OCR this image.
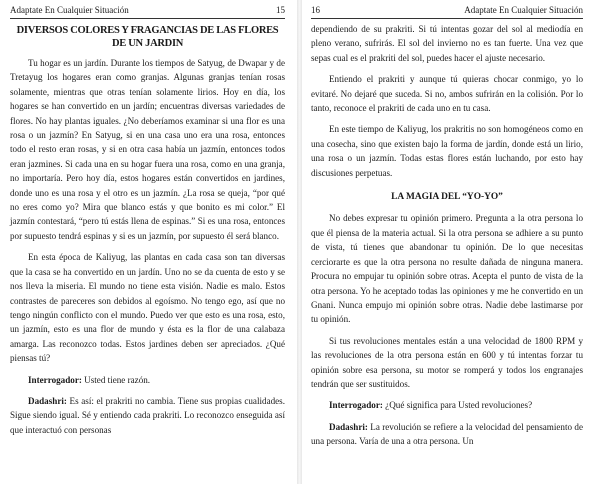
Adaptate En Cualquier Situación	15
DIVERSOS COLORES Y FRAGANCIAS DE LAS FLORES DE UN JARDIN

Tu hogar es un jardín. Durante los tiempos de Satyug, de Dwapar y de Tretayug los hogares eran como granjas. Algunas granjas tenían rosas solamente, mientras que otras tenían solamente lirios. Hoy en día, los hogares se han convertido en un jardín; encuentras diversas variedades de flores. No hay plantas iguales. ¿No deberíamos examinar si una flor es una rosa o un jazmín? En Satyug, si en una casa uno era una rosa, entonces todo el resto eran rosas, y si en otra casa había un jazmín, entonces todos eran jazmines. Si cada una en su hogar fuera una rosa, como en una granja, no importaría. Pero hoy día, estos hogares están convertidos en jardines, donde uno es una rosa y el otro es un jazmín. ¿La rosa se queja, “por qué no eres como yo? Mira que blanco estás y que bonito es mi color.” El jazmín contestará, “pero tú estás llena de espinas.” Si es una rosa, entonces por supuesto tendrá espinas y si es un jazmín, por supuesto él será blanco.

En esta época de Kaliyug, las plantas en cada casa son tan diversas que la casa se ha convertido en un jardín. Uno no se da cuenta de esto y se nos lleva la miseria. El mundo no tiene esta visión. Nadie es malo. Estos contrastes de pareceres son debidos al egoísmo. No tengo ego, así que no tengo ningún conflicto con el mundo. Puedo ver que esto es una rosa, esto, un jazmín, esto es una flor de mundo y ésta es la flor de una calabaza amarga. Las reconozco todas. Estos jardines deben ser apreciados. ¿Qué piensas tú?

Interrogador: Usted tiene razón.

Dadashri: Es así: el prakriti no cambia. Tiene sus propias cualidades. Sigue siendo igual. Sé y entiendo cada prakriti. Lo reconozco enseguida así que interactuó con personas

16	Adaptate En Cualquier Situación

dependiendo de su prakriti. Si tú intentas gozar del sol al mediodía en pleno verano, sufrirás. El sol del invierno no es tan fuerte. Una vez que sepas cual es el prakriti del sol, puedes hacer el ajuste necesario.

Entiendo el prakriti y aunque tú quieras chocar conmigo, yo lo evitaré. No dejaré que suceda. Si no, ambos sufrirán en la colisión. Por lo tanto, reconoce el prakriti de cada uno en tu casa.

En este tiempo de Kaliyug, los prakritis no son homogéneos como en una cosecha, sino que existen bajo la forma de jardín, donde está un lirio, una rosa o un jazmín. Todas estas flores están luchando, por esto hay discusiones perpetuas.

LA MAGIA DEL “YO-YO”

No debes expresar tu opinión primero. Pregunta a la otra persona lo que él piensa de la materia actual. Si la otra persona se adhiere a su punto de vista, tú tienes que abandonar tu opinión. De lo que necesitas cerciorarte es que la otra persona no resulte dañada de ninguna manera. Procura no empujar tu opinión sobre otras. Acepta el punto de vista de la otra persona. Yo he aceptado todas las opiniones y me he convertido en un Gnani. Nunca empujo mi opinión sobre otras. Nadie debe lastimarse por tu opinión.

Si tus revoluciones mentales están a una velocidad de 1800 RPM y las revoluciones de la otra persona están en 600 y tú intentas forzar tu opinión sobre esa persona, su motor se romperá y todos los engranajes tendrán que ser sustituidos.

Interrogador: ¿Qué significa para Usted revoluciones?

Dadashri: La revolución se refiere a la velocidad del pensamiento de una persona. Varía de una a otra persona. Un
